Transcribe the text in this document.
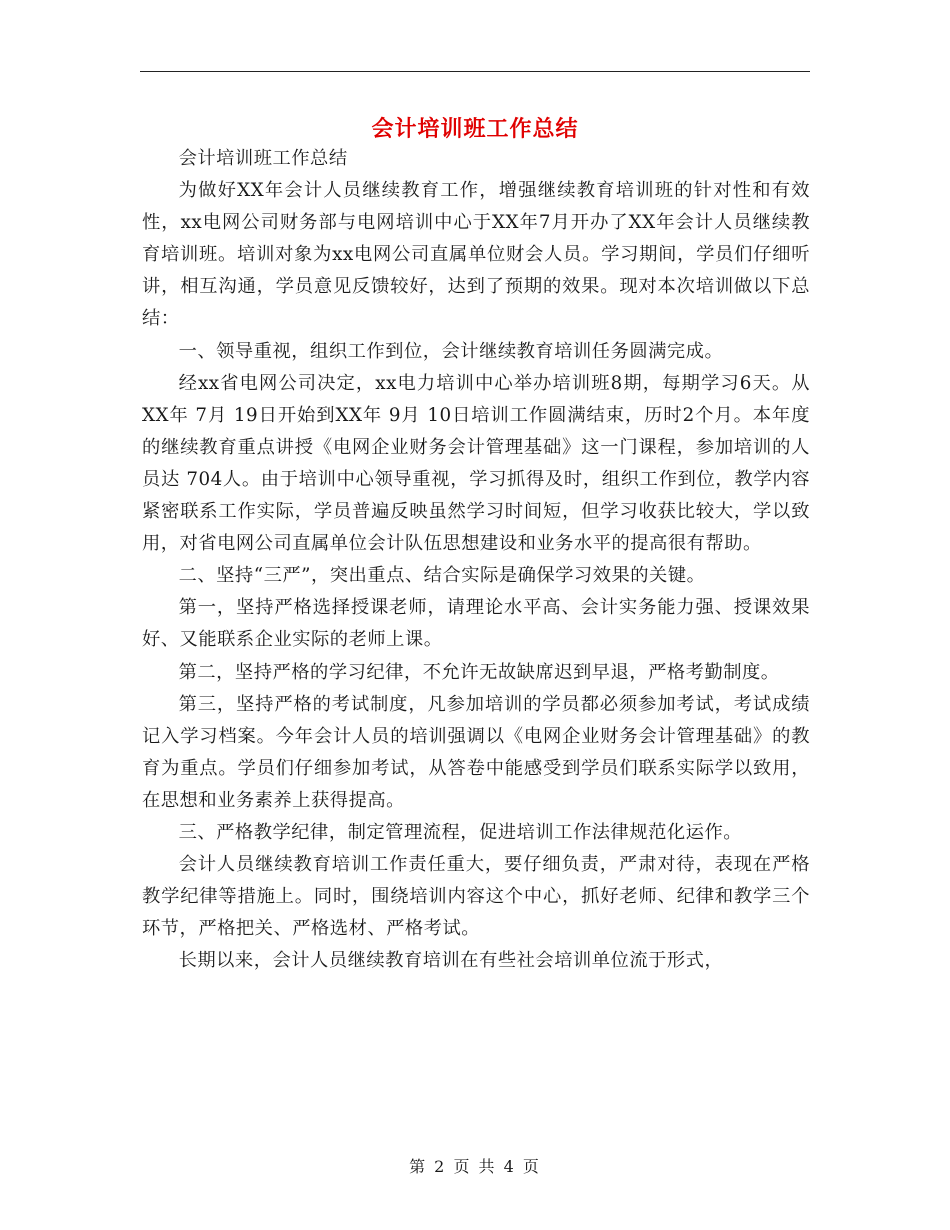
会计培训班工作总结

会计培训班工作总结

为做好XX年会计人员继续教育工作，增强继续教育培训班的针对性和有效性，xx电网公司财务部与电网培训中心于XX年7月开办了XX年会计人员继续教育培训班。培训对象为xx电网公司直属单位财会人员。学习期间，学员们仔细听讲，相互沟通，学员意见反馈较好，达到了预期的效果。现对本次培训做以下总结：

一、领导重视，组织工作到位，会计继续教育培训任务圆满完成。

经xx省电网公司决定，xx电力培训中心举办培训班8期，每期学习6天。从 XX年 7月 19日开始到XX年 9月 10日培训工作圆满结束，历时2个月。本年度的继续教育重点讲授《电网企业财务会计管理基础》这一门课程，参加培训的人员达 704人。由于培训中心领导重视，学习抓得及时，组织工作到位，教学内容紧密联系工作实际，学员普遍反映虽然学习时间短，但学习收获比较大，学以致用，对省电网公司直属单位会计队伍思想建设和业务水平的提高很有帮助。

二、坚持“三严”，突出重点、结合实际是确保学习效果的关键。

第一，坚持严格选择授课老师，请理论水平高、会计实务能力强、授课效果好、又能联系企业实际的老师上课。

第二，坚持严格的学习纪律，不允许无故缺席迟到早退，严格考勤制度。

第三，坚持严格的考试制度，凡参加培训的学员都必须参加考试，考试成绩记入学习档案。今年会计人员的培训强调以《电网企业财务会计管理基础》的教育为重点。学员们仔细参加考试，从答卷中能感受到学员们联系实际学以致用，在思想和业务素养上获得提高。

三、严格教学纪律，制定管理流程，促进培训工作法律规范化运作。

会计人员继续教育培训工作责任重大，要仔细负责，严肃对待，表现在严格教学纪律等措施上。同时，围绕培训内容这个中心，抓好老师、纪律和教学三个环节，严格把关、严格选材、严格考试。

长期以来，会计人员继续教育培训在有些社会培训单位流于形式，

第 2 页 共 4 页
